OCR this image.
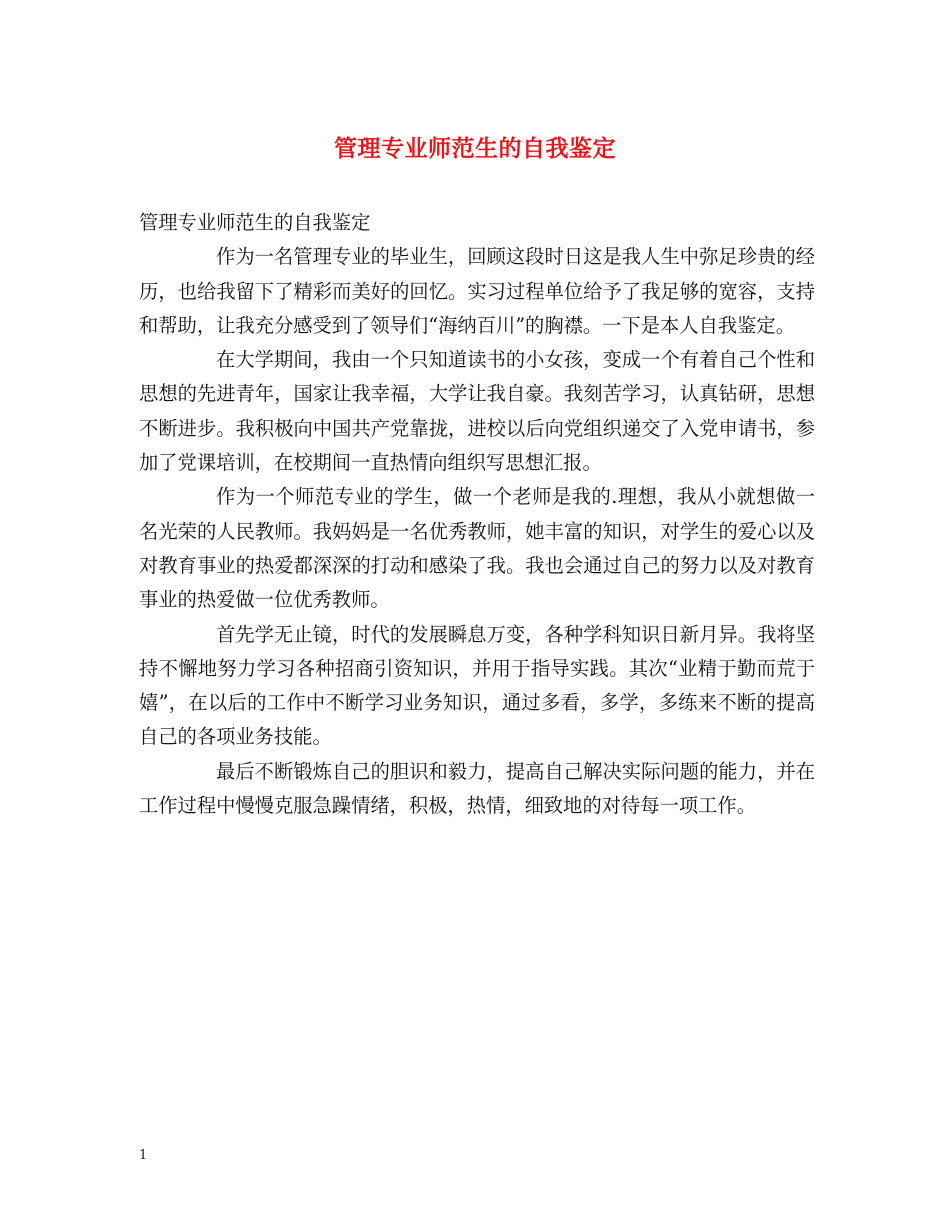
管理专业师范生的自我鉴定

管理专业师范生的自我鉴定

作为一名管理专业的毕业生，回顾这段时日这是我人生中弥足珍贵的经历，也给我留下了精彩而美好的回忆。实习过程单位给予了我足够的宽容，支持和帮助，让我充分感受到了领导们“海纳百川”的胸襟。一下是本人自我鉴定。

在大学期间，我由一个只知道读书的小女孩，变成一个有着自己个性和思想的先进青年，国家让我幸福，大学让我自豪。我刻苦学习，认真钻研，思想不断进步。我积极向中国共产党靠拢，进校以后向党组织递交了入党申请书，参加了党课培训，在校期间一直热情向组织写思想汇报。

作为一个师范专业的学生，做一个老师是我的.理想，我从小就想做一名光荣的人民教师。我妈妈是一名优秀教师，她丰富的知识，对学生的爱心以及对教育事业的热爱都深深的打动和感染了我。我也会通过自己的努力以及对教育事业的热爱做一位优秀教师。

首先学无止镜，时代的发展瞬息万变，各种学科知识日新月异。我将坚持不懈地努力学习各种招商引资知识，并用于指导实践。其次“业精于勤而荒于嬉”，在以后的工作中不断学习业务知识，通过多看，多学，多练来不断的提高自己的各项业务技能。

最后不断锻炼自己的胆识和毅力，提高自己解决实际问题的能力，并在工作过程中慢慢克服急躁情绪，积极，热情，细致地的对待每一项工作。

1
